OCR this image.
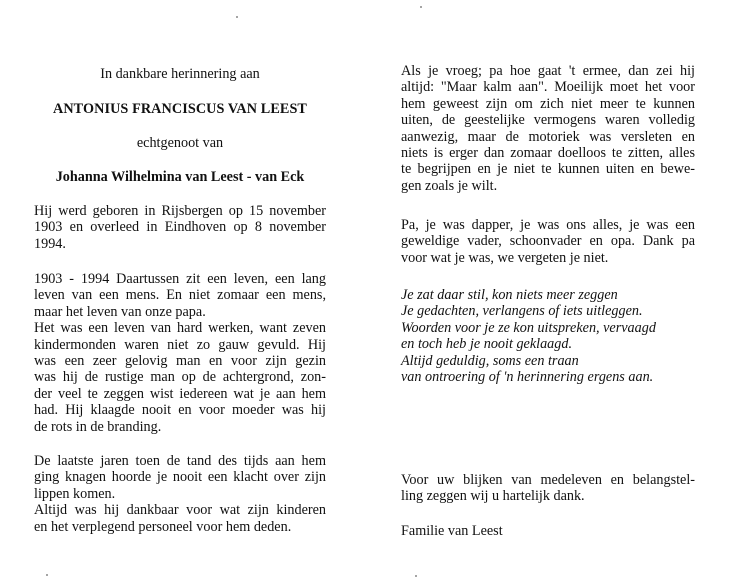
In dankbare herinnering aan
ANTONIUS FRANCISCUS VAN LEEST
echtgenoot van
Johanna Wilhelmina van Leest - van Eck

Hij werd geboren in Rijsbergen op 15 november
1903 en overleed in Eindhoven op 8 november
1994.

1903 - 1994 Daartussen zit een leven, een lang
leven van een mens. En niet zomaar een mens,
maar het leven van onze papa.
Het was een leven van hard werken, want zeven
kindermonden waren niet zo gauw gevuld. Hij
was een zeer gelovig man en voor zijn gezin
was hij de rustige man op de achtergrond, zon-
der veel te zeggen wist iedereen wat je aan hem
had. Hij klaagde nooit en voor moeder was hij
de rots in de branding.

De laatste jaren toen de tand des tijds aan hem
ging knagen hoorde je nooit een klacht over zijn
lippen komen.
Altijd was hij dankbaar voor wat zijn kinderen
en het verplegend personeel voor hem deden.

Als je vroeg; pa hoe gaat 't ermee, dan zei hij
altijd: "Maar kalm aan". Moeilijk moet het voor
hem geweest zijn om zich niet meer te kunnen
uiten, de geestelijke vermogens waren volledig
aanwezig, maar de motoriek was versleten en
niets is erger dan zomaar doelloos te zitten, alles
te begrijpen en je niet te kunnen uiten en bewe-
gen zoals je wilt.

Pa, je was dapper, je was ons alles, je was een
geweldige vader, schoonvader en opa. Dank pa
voor wat je was, we vergeten je niet.

Je zat daar stil, kon niets meer zeggen
Je gedachten, verlangens of iets uitleggen.
Woorden voor je ze kon uitspreken, vervaagd
en toch heb je nooit geklaagd.
Altijd geduldig, soms een traan
van ontroering of 'n herinnering ergens aan.

Voor uw blijken van medeleven en belangstel-
ling zeggen wij u hartelijk dank.

Familie van Leest
